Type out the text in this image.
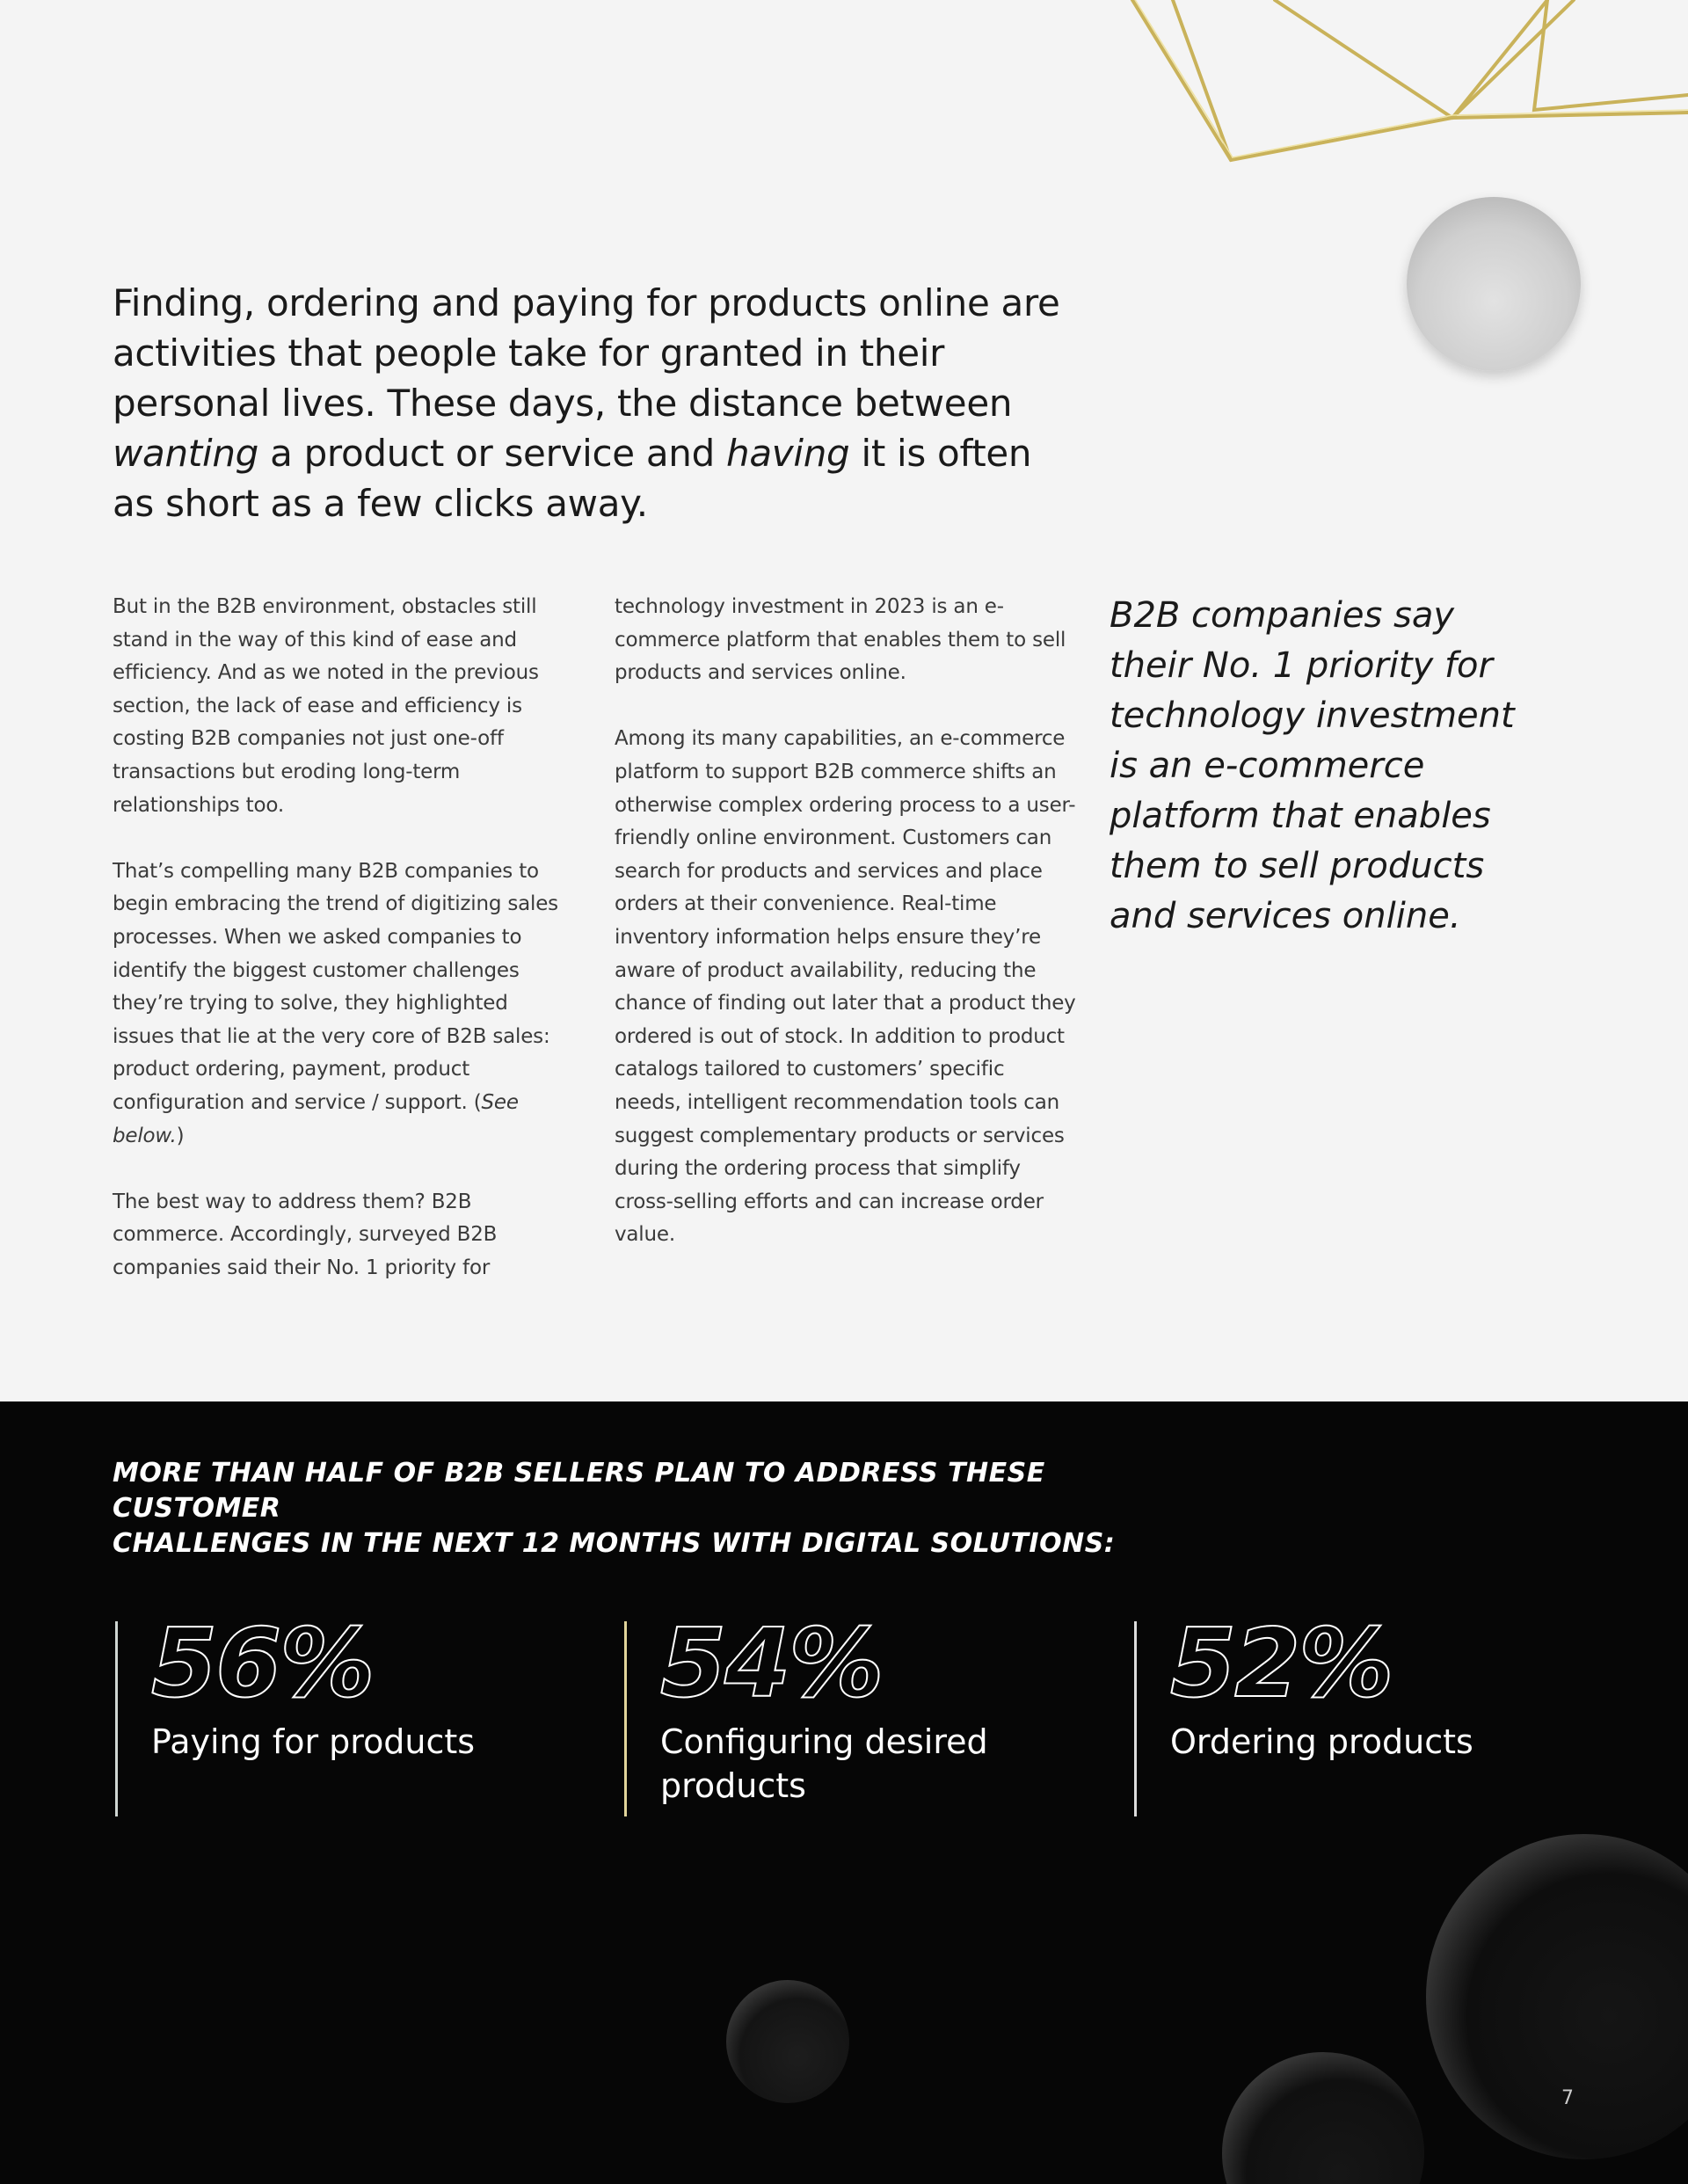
Finding, ordering and paying for products online are activities that people take for granted in their personal lives. These days, the distance between wanting a product or service and having it is often as short as a few clicks away.

But in the B2B environment, obstacles still stand in the way of this kind of ease and efficiency. And as we noted in the previous section, the lack of ease and efficiency is costing B2B companies not just one-off transactions but eroding long-term relationships too.

That’s compelling many B2B companies to begin embracing the trend of digitizing sales processes. When we asked companies to identify the biggest customer challenges they’re trying to solve, they highlighted issues that lie at the very core of B2B sales: product ordering, payment, product configuration and service / support. (See below.)

The best way to address them? B2B commerce. Accordingly, surveyed B2B companies said their No. 1 priority for

technology investment in 2023 is an e-commerce platform that enables them to sell products and services online.

Among its many capabilities, an e-commerce platform to support B2B commerce shifts an otherwise complex ordering process to a user-friendly online environment. Customers can search for products and services and place orders at their convenience. Real-time inventory information helps ensure they’re aware of product availability, reducing the chance of finding out later that a product they ordered is out of stock. In addition to product catalogs tailored to customers’ specific needs, intelligent recommendation tools can suggest complementary products or services during the ordering process that simplify cross-selling efforts and can increase order value.

B2B companies say their No. 1 priority for technology investment is an e-commerce platform that enables them to sell products and services online.

MORE THAN HALF OF B2B SELLERS PLAN TO ADDRESS THESE CUSTOMER
CHALLENGES IN THE NEXT 12 MONTHS WITH DIGITAL SOLUTIONS:
56%
Paying for products
54%
Configuring desired products
52%
Ordering products
7
